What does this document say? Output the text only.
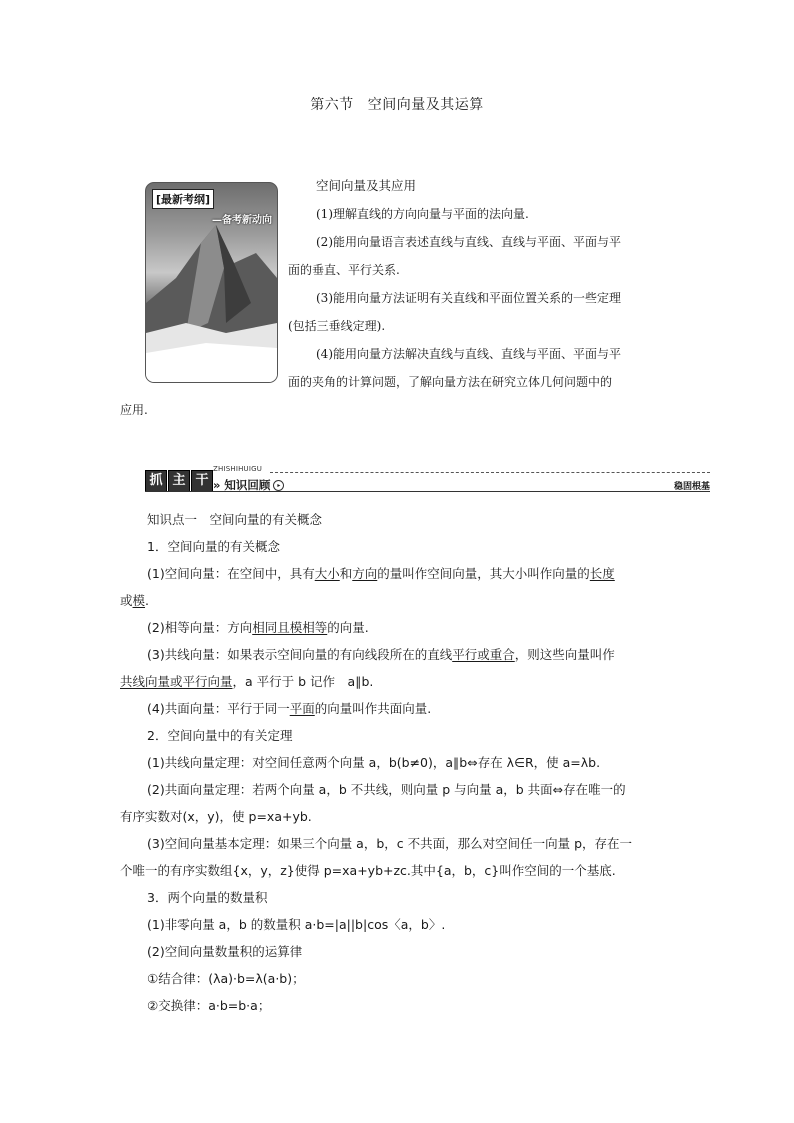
第六节 空间向量及其运算
[最新考纲]
—备考新动向
空间向量及其应用
(1)理解直线的方向向量与平面的法向量.
(2)能用向量语言表述直线与直线、直线与平面、平面与平
面的垂直、平行关系.
(3)能用向量方法证明有关直线和平面位置关系的一些定理
(包括三垂线定理).
(4)能用向量方法解决直线与直线、直线与平面、平面与平
面的夹角的计算问题，了解向量方法在研究立体几何问题中的
应用.
抓 主 干
ZHISHIHUIGU
» 知识回顾 ▸	稳固根基

知识点一　空间向量的有关概念

1．空间向量的有关概念

(1)空间向量：在空间中，具有大小和方向的量叫作空间向量，其大小叫作向量的长度

或模.

(2)相等向量：方向相同且模相等的向量.

(3)共线向量：如果表示空间向量的有向线段所在的直线平行或重合，则这些向量叫作

共线向量或平行向量，a 平行于 b 记作　a∥b.

(4)共面向量：平行于同一平面的向量叫作共面向量.

2．空间向量中的有关定理

(1)共线向量定理：对空间任意两个向量 a，b(b≠0)，a∥b⇔存在 λ∈R，使 a=λb.

(2)共面向量定理：若两个向量 a，b 不共线，则向量 p 与向量 a，b 共面⇔存在唯一的

有序实数对(x，y)，使 p=xa+yb.

(3)空间向量基本定理：如果三个向量 a，b，c 不共面，那么对空间任一向量 p，存在一

个唯一的有序实数组{x，y，z}使得 p=xa+yb+zc.其中{a，b，c}叫作空间的一个基底.

3．两个向量的数量积

(1)非零向量 a，b 的数量积 a·b=|a||b|cos〈a，b〉.

(2)空间向量数量积的运算律

①结合律：(λa)·b=λ(a·b)；

②交换律：a·b=b·a；
